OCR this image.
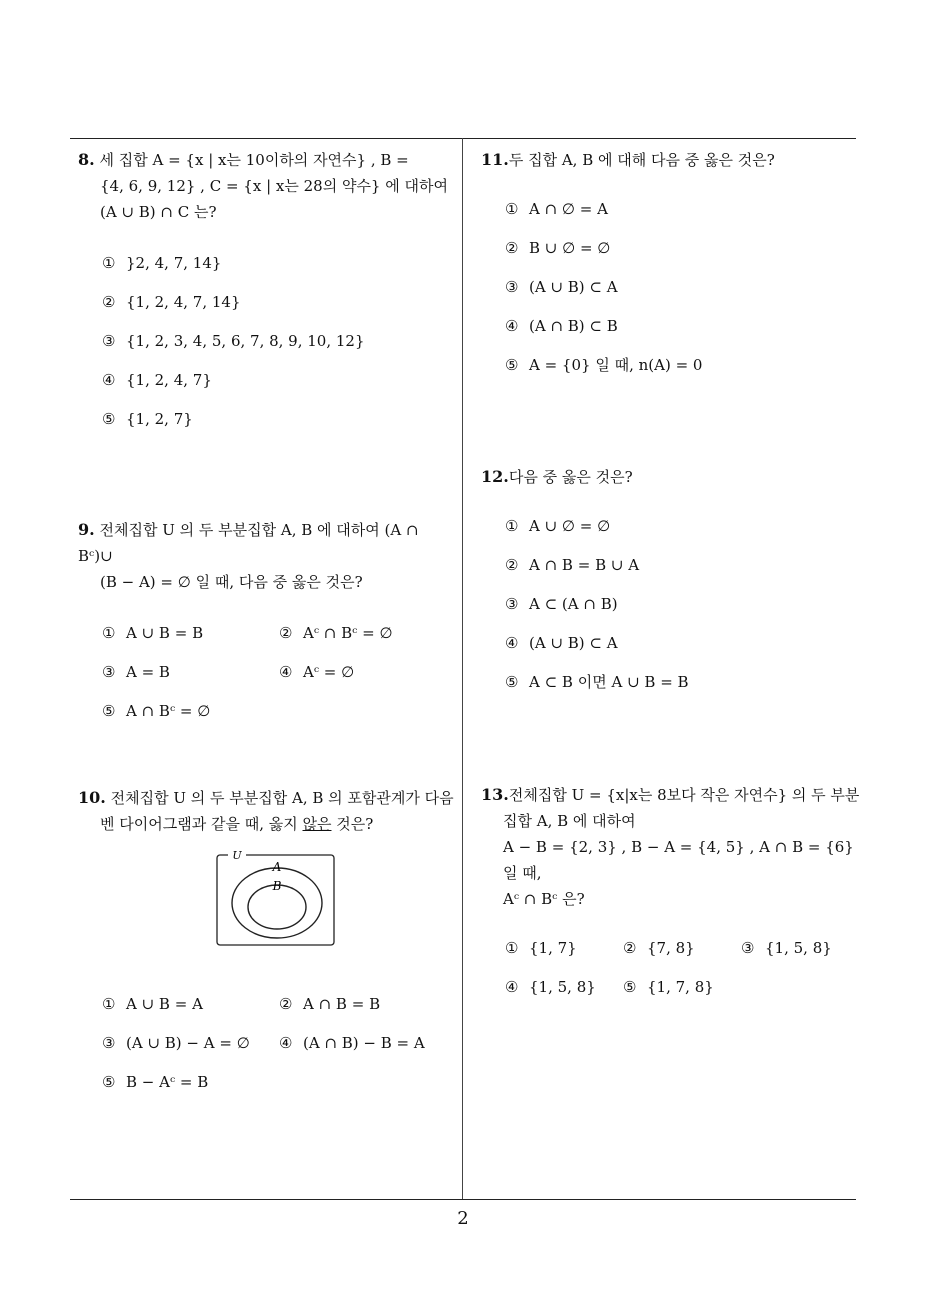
8. 세 집합 A = {x | x는 10이하의 자연수} , B =
{4, 6, 9, 12} , C = {x | x는 28의 약수} 에 대하여
(A ∪ B) ∩ C 는?
① }2, 4, 7, 14}
② {1, 2, 4, 7, 14}
③ {1, 2, 3, 4, 5, 6, 7, 8, 9, 10, 12}
④ {1, 2, 4, 7}
⑤ {1, 2, 7}
9. 전체집합 U 의 두 부분집합 A, B 에 대하여 (A ∩ Bᶜ)∪
(B − A) = ∅ 일 때, 다음 중 옳은 것은?
① A ∪ B = B	② Aᶜ ∩ Bᶜ = ∅
③ A = B	④ Aᶜ = ∅
⑤ A ∩ Bᶜ = ∅
10. 전체집합 U 의 두 부분집합 A, B 의 포함관계가 다음
벤 다이어그램과 같을 때, 옳지 않은 것은?
U
A
B
① A ∪ B = A	② A ∩ B = B
③ (A ∪ B) − A = ∅	④ (A ∩ B) − B = A
⑤ B − Aᶜ = B
11.두 집합 A, B 에 대해 다음 중 옳은 것은?
① A ∩ ∅ = A
② B ∪ ∅ = ∅
③ (A ∪ B) ⊂ A
④ (A ∩ B) ⊂ B
⑤ A = {0} 일 때, n(A) = 0
12.다음 중 옳은 것은?
① A ∪ ∅ = ∅
② A ∩ B = B ∪ A
③ A ⊂ (A ∩ B)
④ (A ∪ B) ⊂ A
⑤ A ⊂ B 이면 A ∪ B = B
13.전체집합 U = {x|x는 8보다 작은 자연수} 의 두 부분
집합 A, B 에 대하여
A − B = {2, 3} , B − A = {4, 5} , A ∩ B = {6} 일 때,
Aᶜ ∩ Bᶜ 은?
① {1, 7}	② {7, 8}	③ {1, 5, 8}
④ {1, 5, 8}	⑤ {1, 7, 8}
2
